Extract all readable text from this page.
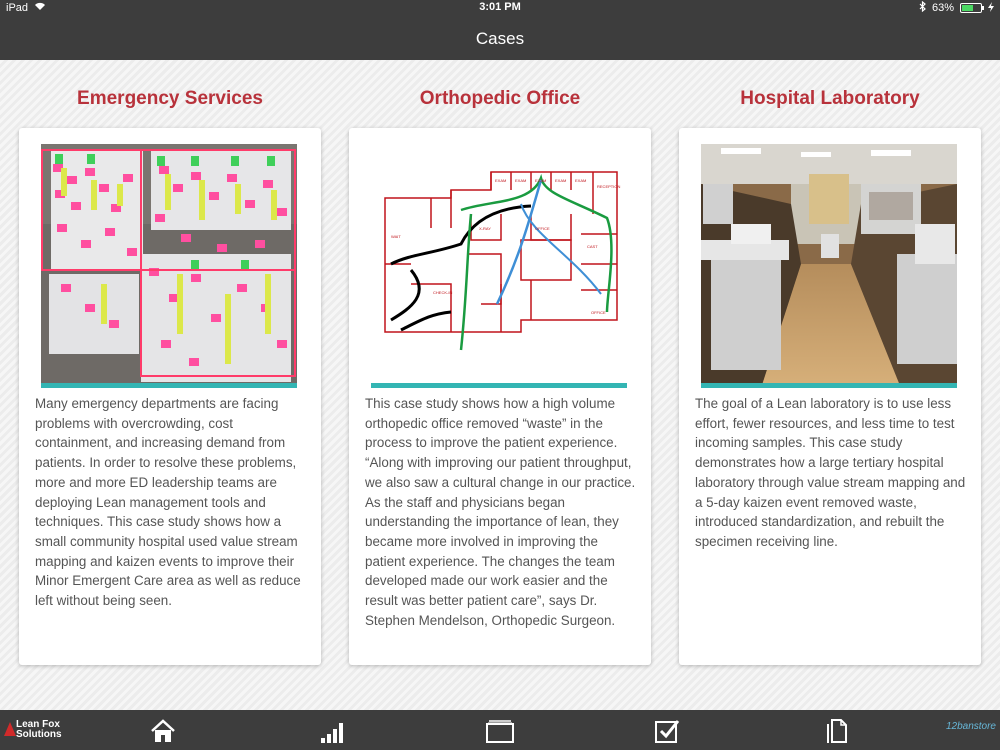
iPad	3:01 PM	63%
Cases
Emergency Services
Many emergency departments are facing problems with overcrowding, cost containment, and increasing demand from patients. In order to resolve these problems, more and more ED leadership teams are deploying Lean management tools and techniques. This case study shows how a small community hospital used value stream mapping and kaizen events to improve their Minor Emergent Care area as well as reduce left without being seen.
Orthopedic Office
EXAM EXAM EXAM EXAM EXAM
RECEPTION
WAIT
OFFICE
X-RAY
CAST
CHECK-IN
OFFICE
This case study shows how a high volume orthopedic office removed “waste” in the process to improve the patient experience. “Along with improving our patient throughput, we also saw a cultural change in our practice. As the staff and physicians began understanding the importance of lean, they became more involved in improving the patient experience. The changes the team developed made our work easier and the result was better patient care”, says Dr. Stephen Mendelson, Orthopedic Surgeon.
Hospital Laboratory
The goal of a Lean laboratory is to use less effort, fewer resources, and less time to test incoming samples. This case study demonstrates how a large tertiary hospital laboratory through value stream mapping and a 5-day kaizen event removed waste, introduced standardization, and rebuilt the specimen receiving line.
Lean Fox
Solutions
12banstore
